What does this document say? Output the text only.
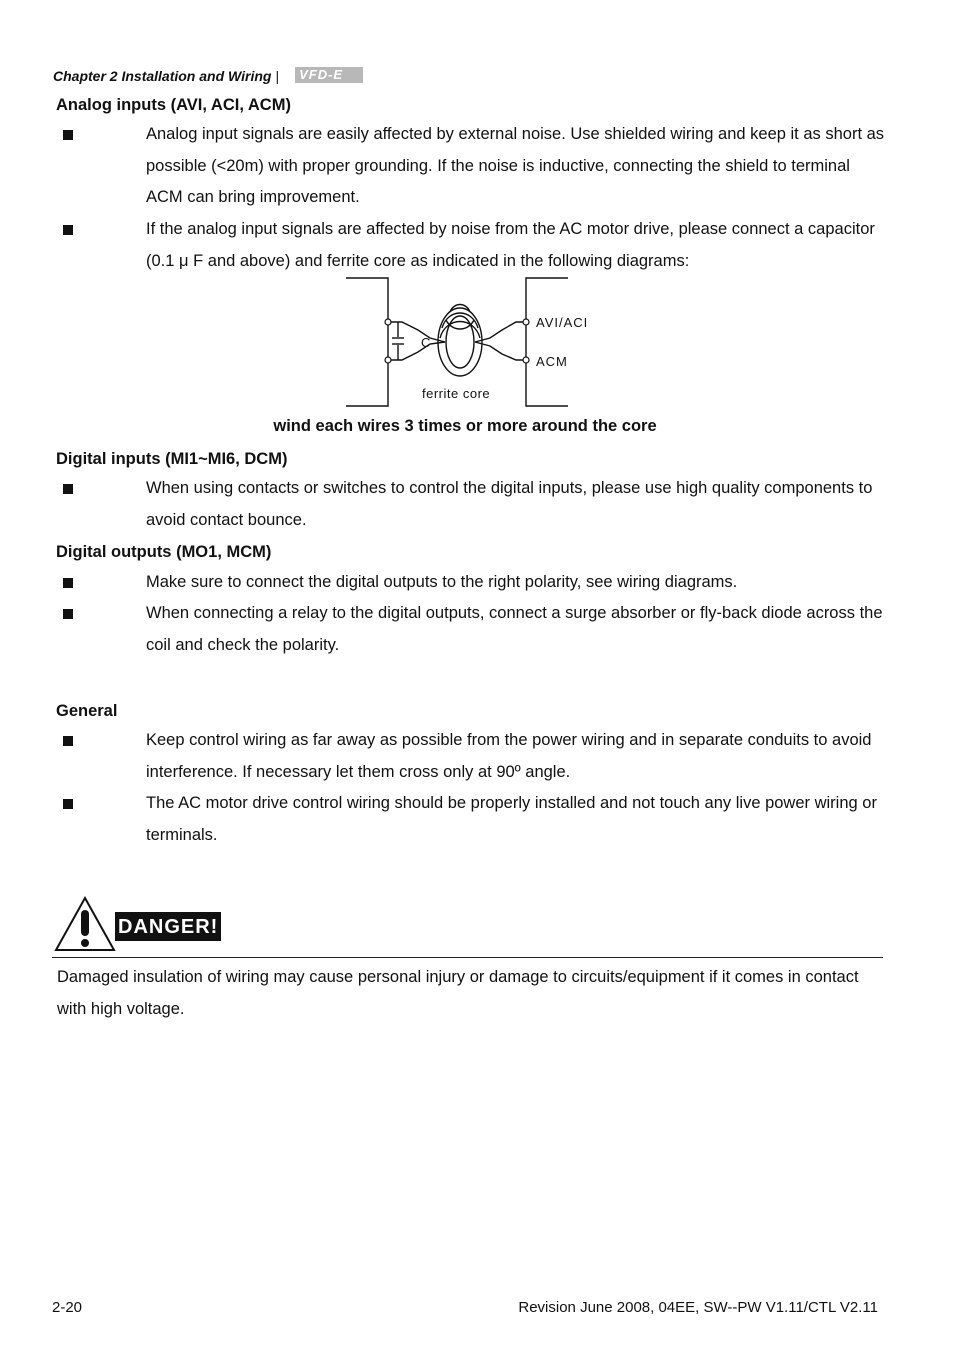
Chapter 2 Installation and Wiring | VFD-E
Analog inputs (AVI, ACI, ACM)
Analog input signals are easily affected by external noise. Use shielded wiring and keep it as short as possible (<20m) with proper grounding. If the noise is inductive, connecting the shield to terminal ACM can bring improvement.
If the analog input signals are affected by noise from the AC motor drive, please connect a capacitor (0.1 μ F and above) and ferrite core as indicated in the following diagrams:
AVI/ACI
ACM
C
ferrite core
wind each wires 3 times or more around the core
Digital inputs (MI1~MI6, DCM)
When using contacts or switches to control the digital inputs, please use high quality components to avoid contact bounce.
Digital outputs (MO1, MCM)
Make sure to connect the digital outputs to the right polarity, see wiring diagrams.
When connecting a relay to the digital outputs, connect a surge absorber or fly-back diode across the coil and check the polarity.
General
Keep control wiring as far away as possible from the power wiring and in separate conduits to avoid interference. If necessary let them cross only at 90º angle.
The AC motor drive control wiring should be properly installed and not touch any live power wiring or terminals.
DANGER!
Damaged insulation of wiring may cause personal injury or damage to circuits/equipment if it comes in contact with high voltage.
2-20	Revision June 2008, 04EE, SW--PW V1.11/CTL V2.11
